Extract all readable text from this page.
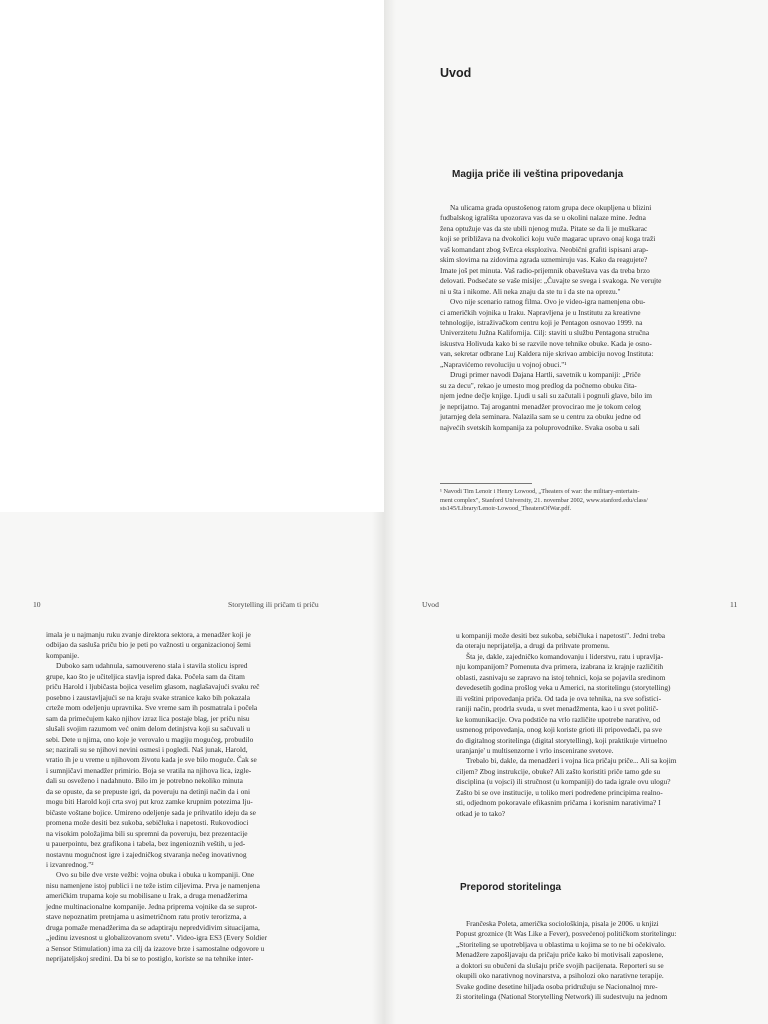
Uvod
Magija priče ili veština pripovedanja

Na ulicama grada opustošenog ratom grupa dece okupljena u blizini

fudbalskog igrališta upozorava vas da se u okolini nalaze mine. Jedna

žena optužuje vas da ste ubili njenog muža. Pitate se da li je muškarac

koji se približava na dvokolici koju vuče magarac upravo onaj koga traži

vaš komandant zbog švErca eksploziva. Neobični grafiti ispisani arap-

skim slovima na zidovima zgrada uznemiruju vas. Kako da reagujete?

Imate još pet minuta. Vaš radio-prijemnik obaveštava vas da treba brzo

delovati. Podsećate se vaše misije: „Čuvajte se svega i svakoga. Ne verujte

ni u šta i nikome. Ali neka znaju da ste tu i da ste na oprezu."

Ovo nije scenario ratnog filma. Ovo je video-igra namenjena obu-

ci američkih vojnika u Iraku. Napravljena je u Institutu za kreativne

tehnologije, istraživačkom centru koji je Pentagon osnovao 1999. na

Univerzitetu Južna Kalifornija. Cilj: staviti u službu Pentagona stručna

iskustva Holivuda kako bi se razvile nove tehnike obuke. Kada je osno-

van, sekretar odbrane Luj Kaldera nije skrivao ambiciju novog Instituta:

„Napravićemo revoluciju u vojnoj obuci."¹

Drugi primer navodi Dajana Hartli, savetnik u kompaniji: „Priče

su za decu", rekao je umesto mog predlog da počnemo obuku čita-

njem jedne dečje knjige. Ljudi u sali su začutali i pognuli glave, bilo im

je neprijatno. Taj arogantni menadžer provocirao me je tokom celog

jutarnjeg dela seminara. Nalazila sam se u centru za obuku jedne od

najvećih svetskih kompanija za poluprovodnike. Svaka osoba u sali

¹ Navodi Tim Lenoir i Henry Lowood, „Theaters of war: the military-entertain-

ment complex", Stanford University, 21. novembar 2002, www.stanford.edu/class/

sts145/Library/Lenoir-Lowood_TheatersOfWar.pdf.

10	Storytelling ili pričam ti priču

imala je u najmanju ruku zvanje direktora sektora, a menadžer koji je

odbijao da sasluša priču bio je peti po važnosti u organizacionoj šemi

kompanije.

Duboko sam udahnula, samouvereno stala i stavila stolicu ispred

grupe, kao što je učiteljica stavlja ispred đaka. Počela sam da čitam

priču Harold i ljubičasta bojica veselim glasom, naglašavajući svaku reč

posebno i zaustavljajući se na kraju svake stranice kako bih pokazala

crteže mom odeljenju upravnika. Sve vreme sam ih posmatrala i počela

sam da primećujem kako njihov izraz lica postaje blag, jer priču nisu

slušali svojim razumom već onim delom detinjstva koji su sačuvali u

sebi. Dete u njima, ono koje je verovalo u magiju mogućeg, probudilo

se; nazirali su se njihovi nevini osmesi i pogledi. Naš junak, Harold,

vratio ih je u vreme u njihovom životu kada je sve bilo moguće. Čak se

i sumnjičavi menadžer primirio. Boja se vratila na njihova lica, izgle-

dali su osveženo i nadahnuto. Bilo im je potrebno nekoliko minuta

da se opuste, da se prepuste igri, da poveruju na detinji način da i oni

mogu biti Harold koji crta svoj put kroz zamke krupnim potezima lju-

bičaste voštane bojice. Umireno odeljenje sada je prihvatilo ideju da se

promena može desiti bez sukoba, sebičluka i napetosti. Rukovodioci

na visokim položajima bili su spremni da poveruju, bez prezentacije

u pauerpointu, bez grafikona i tabela, bez ingenioznih veštih, u jed-

nostavnu mogućnost igre i zajedničkog stvaranja nečeg inovativnog

i izvanrednog."²

Ovo su bile dve vrste vežbi: vojna obuka i obuka u kompaniji. One

nisu namenjene istoj publici i ne teže istim ciljevima. Prva je namenjena

američkim trupama koje su mobilisane u Irak, a druga menadžerima

jedne multinacionalne kompanije. Jedna priprema vojnike da se suprot-

stave nepoznatim pretnjama u asimetričnom ratu protiv terorizma, a

druga pomaže menadžerima da se adaptiraju nepredvidivim situacijama,

„jedinu izvesnost u globalizovanom svetu". Video-igra ES3 (Every Soldier

a Sensor Stimulation) ima za cilj da izazove brze i samostalne odgovore u

neprijateljskoj sredini. Da bi se to postiglo, koriste se na tehnike inter-

Uvod	11

u kompaniji može desiti bez sukoba, sebičluka i napetosti". Jedni treba

da oteraju neprijatelja, a drugi da prihvate promenu.

Šta je, dakle, zajedničko komandovanju i liderstvu, ratu i upravlja-

nju kompanijom? Pomenuta dva primera, izabrana iz krajnje različitih

oblasti, zasnivaju se zapravo na istoj tehnici, koja se pojavila sredinom

devedesetih godina prošlog veka u Americi, na storitelingu (storytelling)

ili veštini pripovedanja priča. Od tada je ova tehnika, na sve sofistici-

raniji način, prodrla svuda, u svet menadžmenta, kao i u svet politič-

ke komunikacije. Ova podstiče na vrlo različite upotrebe narative, od

usmenog pripovedanja, onog koji koriste grioti ili pripovedači, pa sve

do digitalnog storitelinga (digital storytelling), koji praktikuje virtuelno

uranjanje' u multisenzorne i vrlo inscenirane svetove.

Trebalo bi, dakle, da menadžeri i vojna lica pričaju priče... Ali sa kojim

ciljem? Zbog instrukcije, obuke? Ali zašto koristiti priče tamo gde su

disciplina (u vojsci) ili stručnost (u kompaniji) do tada igrale ovu ulogu?

Zašto bi se ove institucije, u toliko meri podređene principima realno-

sti, odjednom pokoravale efikasnim pričama i korisnim narativima? I

otkad je to tako?

Preporod storitelinga

Frančeska Poleta, američka sociološkinja, pisala je 2006. u knjizi

Popust groznice (It Was Like a Fever), posvećenoj političkom storitelingu:

„Storiteling se upotrebljava u oblastima u kojima se to ne bi očekivalo.

Menadžere zapošljavaju da pričaju priče kako bi motivisali zaposlene,

a doktori su obučeni da slušaju priče svojih pacijenata. Reporteri su se

okupili oko narativnog novinarstva, a psiholozi oko narativne terapije.

Svake godine desetine hiljada osoba pridružuju se Nacionalnoj mre-

ži storitelinga (National Storytelling Network) ili sudestvuju na jednom
